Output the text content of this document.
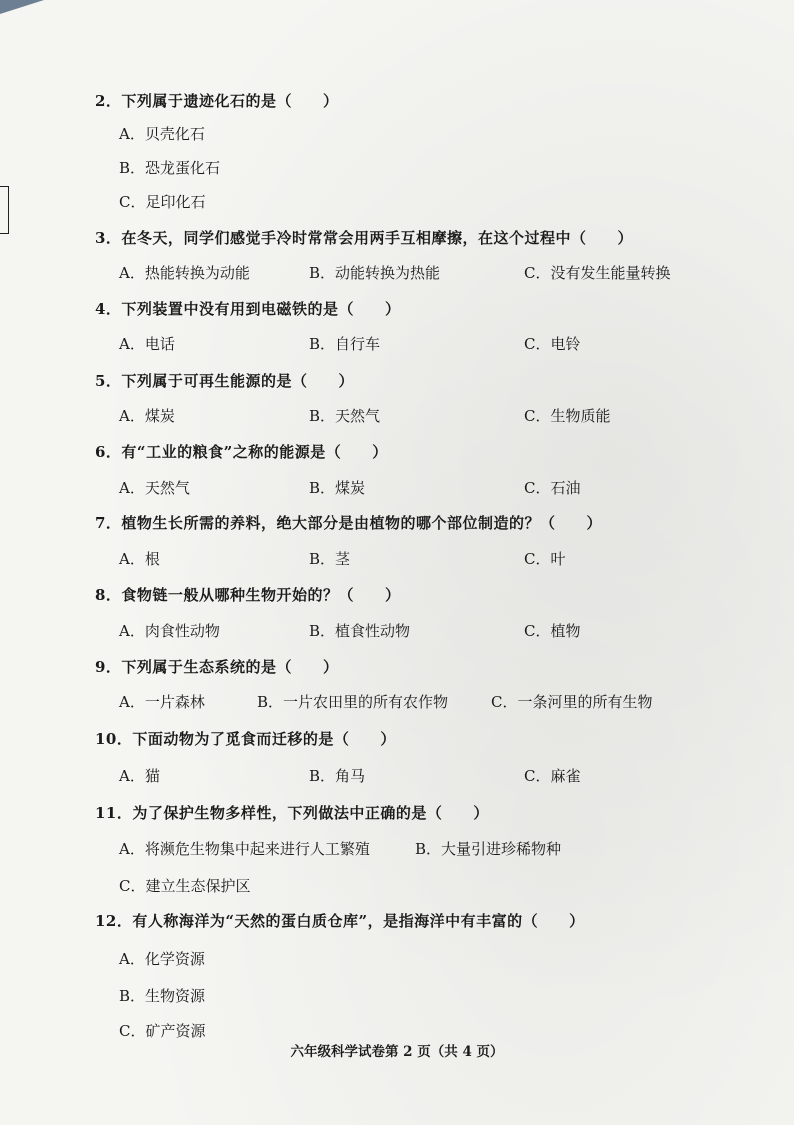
2．下列属于遗迹化石的是（　　）
A．贝壳化石
B．恐龙蛋化石
C．足印化石
3．在冬天，同学们感觉手冷时常常会用两手互相摩擦，在这个过程中（　　）
A．热能转换为动能	B．动能转换为热能	C．没有发生能量转换
4．下列装置中没有用到电磁铁的是（　　）
A．电话	B．自行车	C．电铃
5．下列属于可再生能源的是（　　）
A．煤炭	B．天然气	C．生物质能
6．有“工业的粮食”之称的能源是（　　）
A．天然气	B．煤炭	C．石油
7．植物生长所需的养料，绝大部分是由植物的哪个部位制造的？（　　）
A．根	B．茎	C．叶
8．食物链一般从哪种生物开始的？（　　）
A．肉食性动物	B．植食性动物	C．植物
9．下列属于生态系统的是（　　）
A．一片森林	B．一片农田里的所有农作物	C．一条河里的所有生物
10．下面动物为了觅食而迁移的是（　　）
A．猫	B．角马	C．麻雀
11．为了保护生物多样性，下列做法中正确的是（　　）
A．将濒危生物集中起来进行人工繁殖	B．大量引进珍稀物种
C．建立生态保护区
12．有人称海洋为“天然的蛋白质仓库”，是指海洋中有丰富的（　　）
A．化学资源
B．生物资源
C．矿产资源
六年级科学试卷第 2 页（共 4 页）
